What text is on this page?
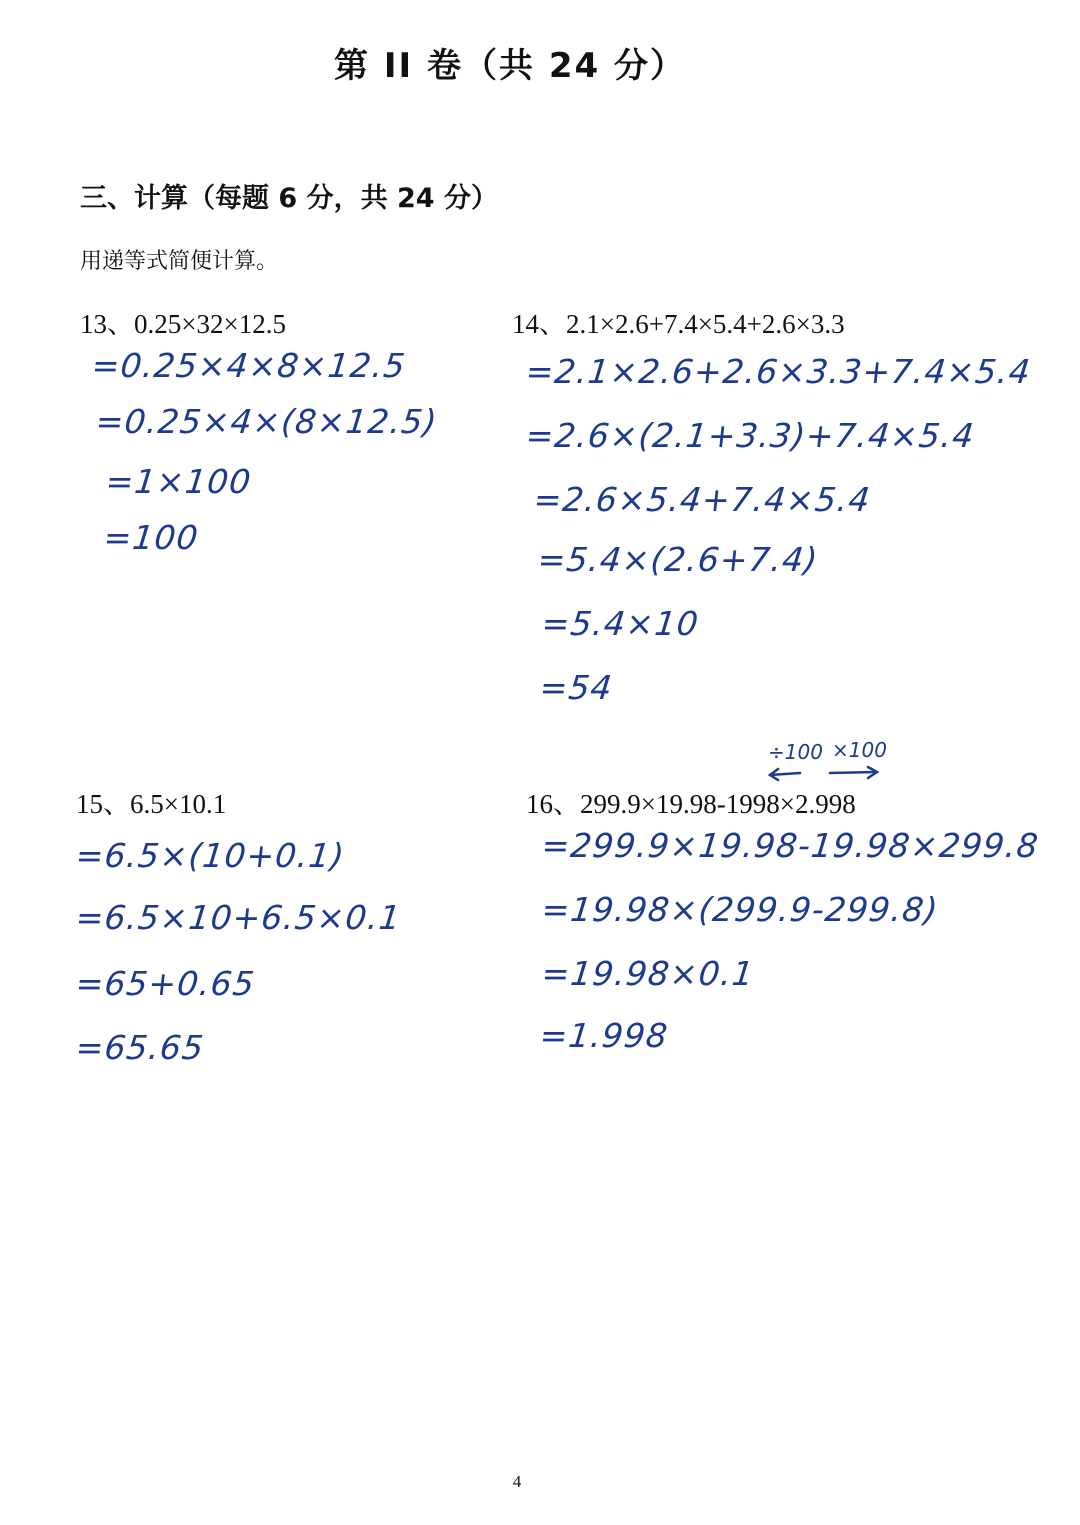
第 II 卷（共 24 分）
三、计算（每题 6 分，共 24 分）
用递等式简便计算。
13、0.25×32×12.5
=0.25×4×8×12.5
=0.25×4×(8×12.5)
=1×100
=100
14、2.1×2.6+7.4×5.4+2.6×3.3
=2.1×2.6+2.6×3.3+7.4×5.4
=2.6×(2.1+3.3)+7.4×5.4
=2.6×5.4+7.4×5.4
=5.4×(2.6+7.4)
=5.4×10
=54
15、6.5×10.1
=6.5×(10+0.1)
=6.5×10+6.5×0.1
=65+0.65
=65.65
÷100 ×100
16、299.9×19.98-1998×2.998
=299.9×19.98-19.98×299.8
=19.98×(299.9-299.8)
=19.98×0.1
=1.998
4
